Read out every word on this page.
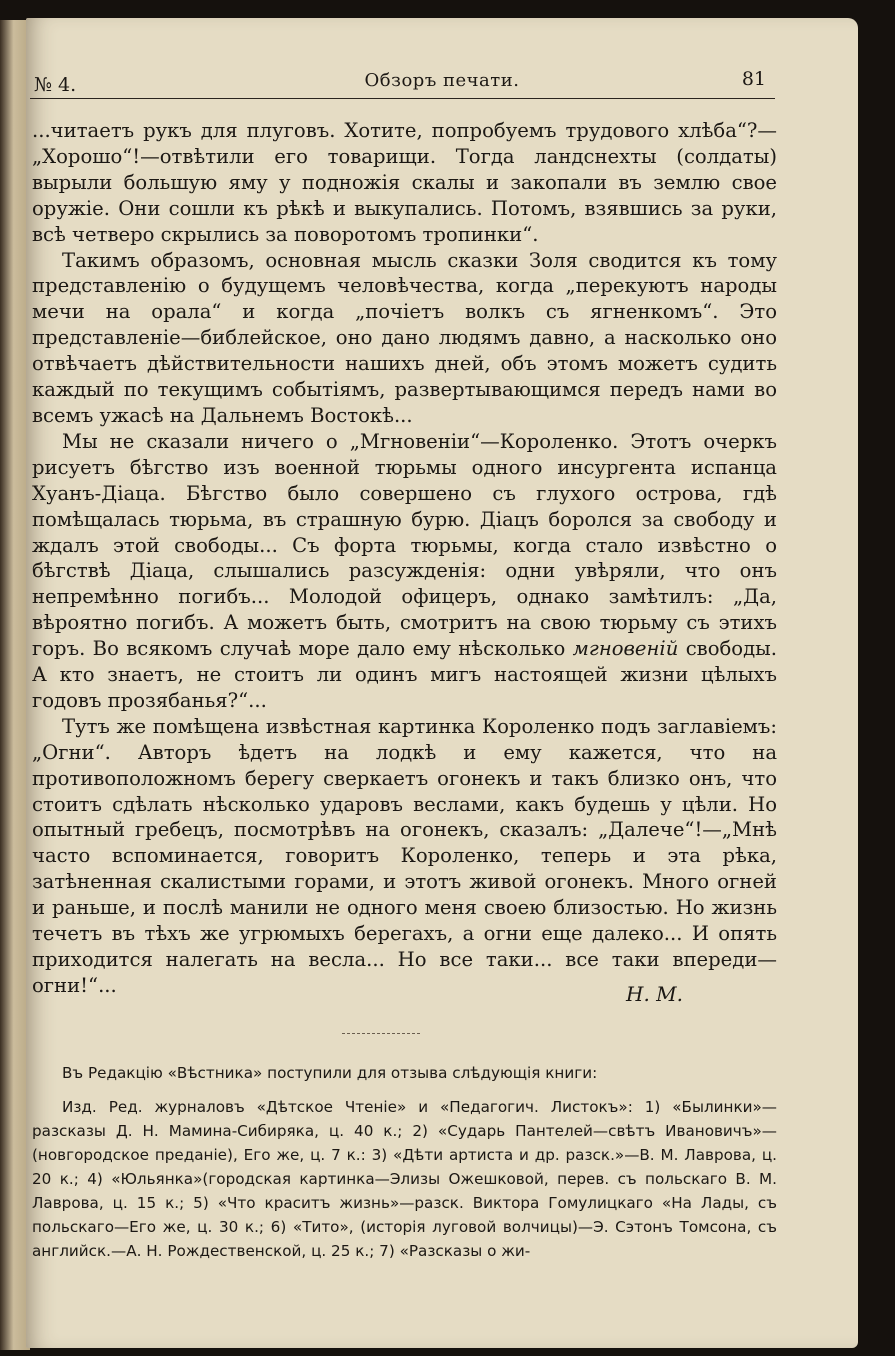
№ 4.	Обзоръ печати.	81

...читаетъ рукъ для плуговъ. Хотите, попробуемъ трудового хлѣба“?—„Хорошо“!—отвѣтили его товарищи. Тогда ландснехты (солдаты) вырыли большую яму у подножія скалы и закопали въ землю свое оружіе. Они сошли къ рѣкѣ и выкупались. Потомъ, взявшись за руки, всѣ четверо скрылись за поворотомъ тропинки“.

Такимъ образомъ, основная мысль сказки Золя сводится къ тому представленію о будущемъ человѣчества, когда „перекуютъ народы мечи на орала“ и когда „почіетъ волкъ съ ягненкомъ“. Это представленіе—библейское, оно дано людямъ давно, а насколько оно отвѣчаетъ дѣйствительности нашихъ дней, объ этомъ можетъ судить каждый по текущимъ событіямъ, развертывающимся передъ нами во всемъ ужасѣ на Дальнемъ Востокѣ...

Мы не сказали ничего о „Мгновеніи“—Короленко. Этотъ очеркъ рисуетъ бѣгство изъ военной тюрьмы одного инсургента испанца Хуанъ-Діаца. Бѣгство было совершено съ глухого острова, гдѣ помѣщалась тюрьма, въ страшную бурю. Діацъ боролся за свободу и ждалъ этой свободы... Съ форта тюрьмы, когда стало извѣстно о бѣгствѣ Діаца, слышались разсужденія: одни увѣряли, что онъ непремѣнно погибъ... Молодой офицеръ, однако замѣтилъ: „Да, вѣроятно погибъ. А можетъ быть, смотритъ на свою тюрьму съ этихъ горъ. Во всякомъ случаѣ море дало ему нѣсколько мгновеній свободы. А кто знаетъ, не стоитъ ли одинъ мигъ настоящей жизни цѣлыхъ годовъ прозябанья?“...

Тутъ же помѣщена извѣстная картинка Короленко подъ заглавіемъ: „Огни“. Авторъ ѣдетъ на лодкѣ и ему кажется, что на противоположномъ берегу сверкаетъ огонекъ и такъ близко онъ, что стоитъ сдѣлать нѣсколько ударовъ веслами, какъ будешь у цѣли. Но опытный гребецъ, посмотрѣвъ на огонекъ, сказалъ: „Далече“!—„Мнѣ часто вспоминается, говоритъ Короленко, теперь и эта рѣка, затѣненная скалистыми горами, и этотъ живой огонекъ. Много огней и раньше, и послѣ манили не одного меня своею близостью. Но жизнь течетъ въ тѣхъ же угрюмыхъ берегахъ, а огни еще далеко... И опять приходится налегать на весла... Но все таки... все таки впереди—огни!“...	Н. М.

Въ Редакцію «Вѣстника» поступили для отзыва слѣдующія книги:

Изд. Ред. журналовъ «Дѣтское Чтеніе» и «Педагогич. Листокъ»: 1) «Былинки»—разсказы Д. Н. Мамина-Сибиряка, ц. 40 к.; 2) «Сударь Пантелей—свѣтъ Ивановичъ»—(новгородское преданіе), Его же, ц. 7 к.: 3) «Дѣти артиста и др. разск.»—В. М. Лаврова, ц. 20 к.; 4) «Юльянка»(городская картинка—Элизы Ожешковой, перев. съ польскаго В. М. Лаврова, ц. 15 к.; 5) «Что краситъ жизнь»—разск. Виктора Гомулицкаго «На Лады, съ польскаго—Его же, ц. 30 к.; 6) «Тито», (исторія луговой волчицы)—Э. Сэтонъ Томсона, съ английск.—А. Н. Рождественской, ц. 25 к.; 7) «Разсказы о жи-
